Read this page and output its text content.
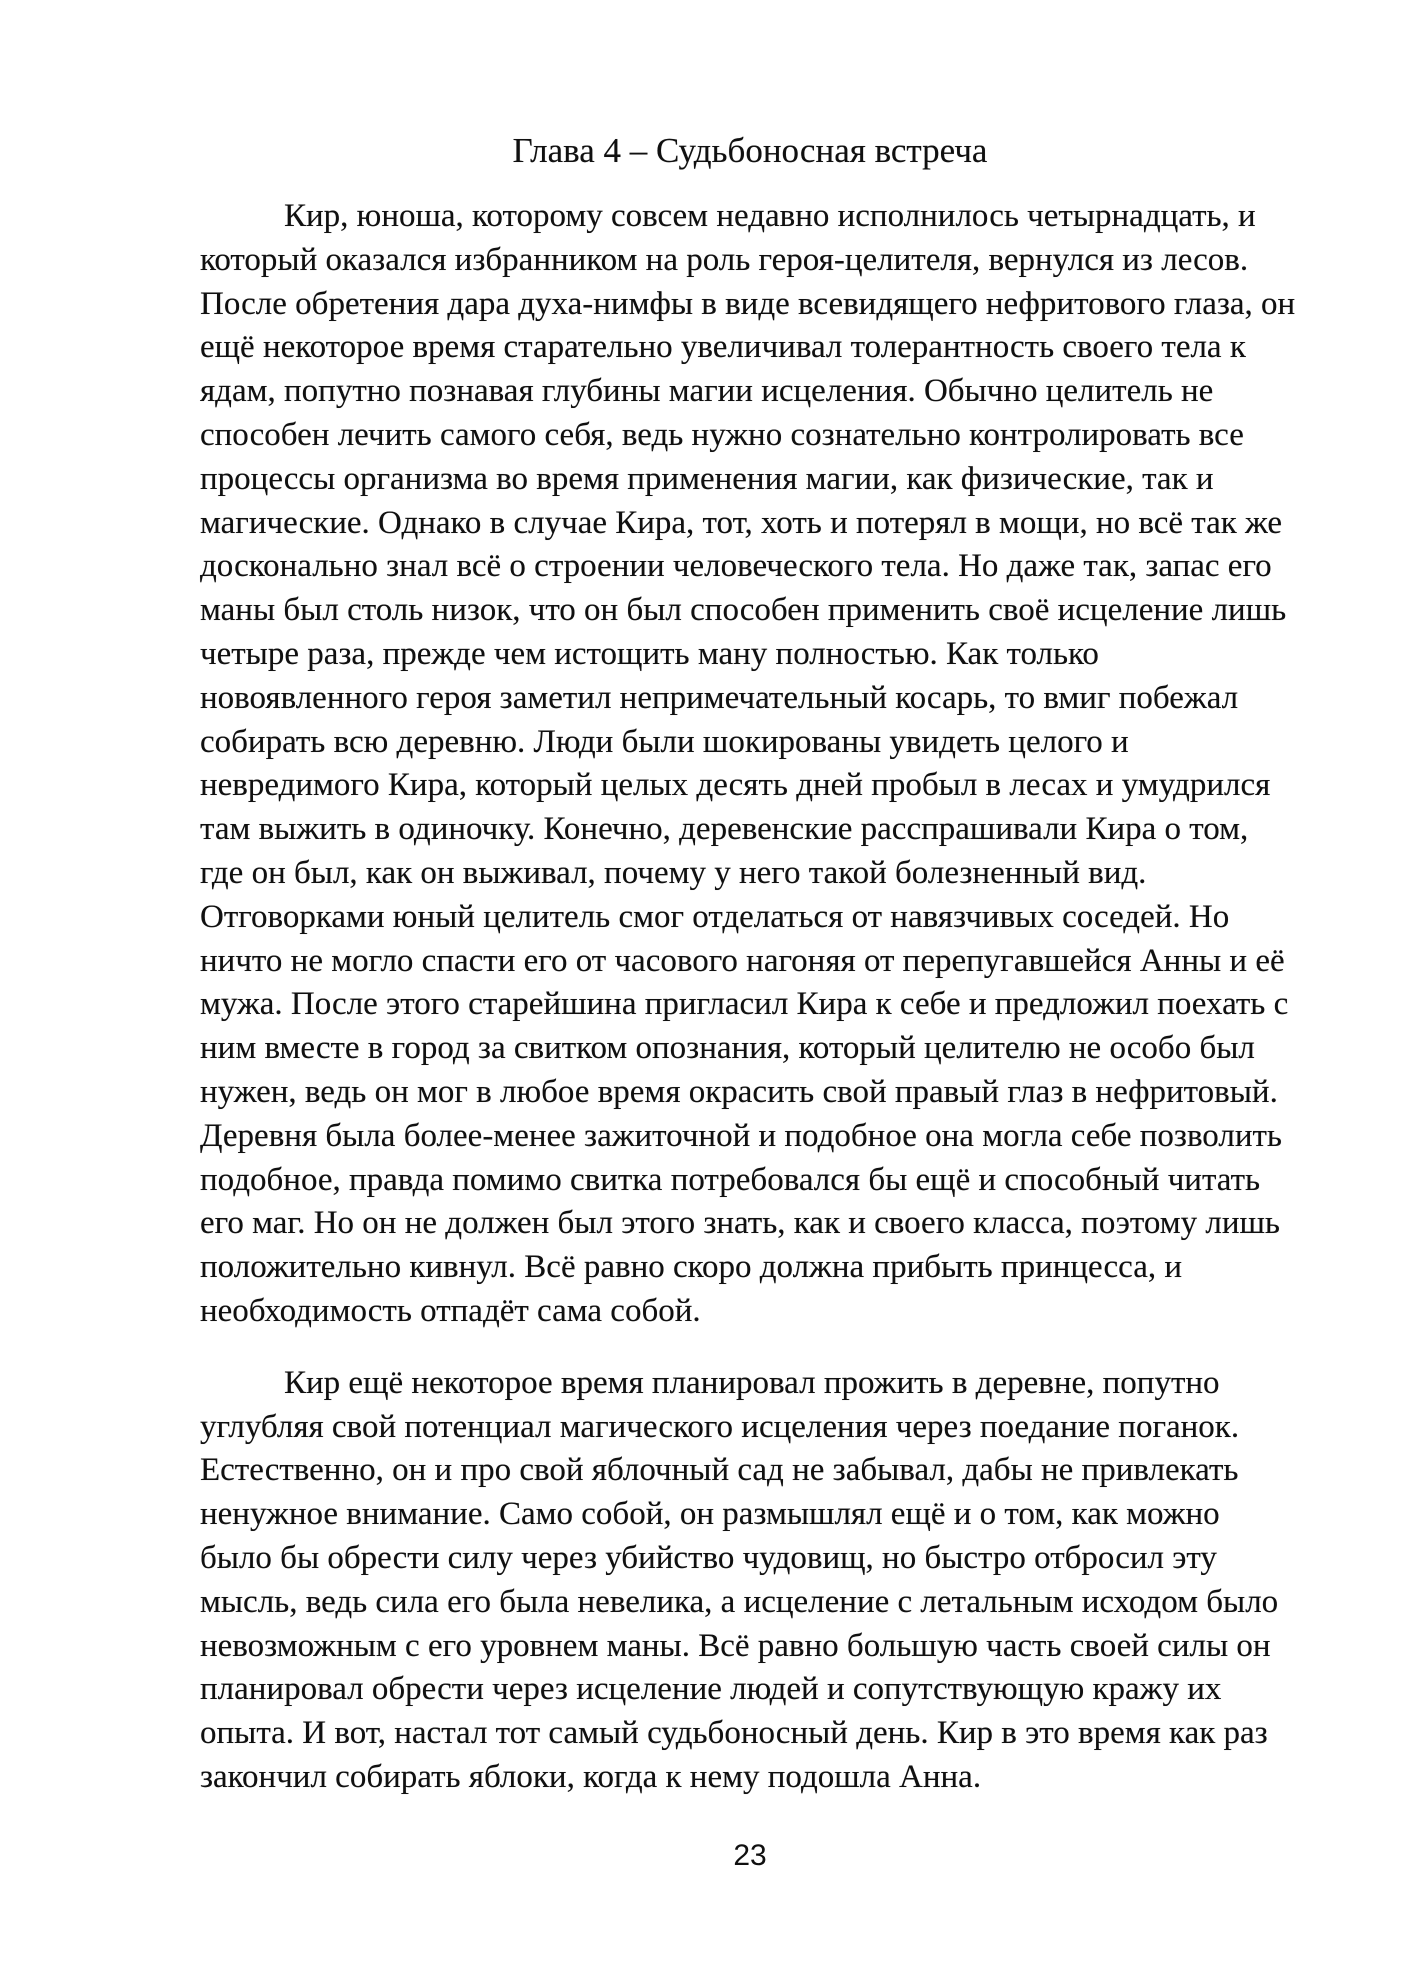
Глава 4 – Судьбоносная встреча
Кир, юноша, которому совсем недавно исполнилось четырнадцать, и
который оказался избранником на роль героя-целителя, вернулся из лесов.
После обретения дара духа-нимфы в виде всевидящего нефритового глаза, он
ещё некоторое время старательно увеличивал толерантность своего тела к
ядам, попутно познавая глубины магии исцеления. Обычно целитель не
способен лечить самого себя, ведь нужно сознательно контролировать все
процессы организма во время применения магии, как физические, так и
магические. Однако в случае Кира, тот, хоть и потерял в мощи, но всё так же
досконально знал всё о строении человеческого тела. Но даже так, запас его
маны был столь низок, что он был способен применить своё исцеление лишь
четыре раза, прежде чем истощить ману полностью. Как только
новоявленного героя заметил непримечательный косарь, то вмиг побежал
собирать всю деревню. Люди были шокированы увидеть целого и
невредимого Кира, который целых десять дней пробыл в лесах и умудрился
там выжить в одиночку. Конечно, деревенские расспрашивали Кира о том,
где он был, как он выживал, почему у него такой болезненный вид.
Отговорками юный целитель смог отделаться от навязчивых соседей. Но
ничто не могло спасти его от часового нагоняя от перепугавшейся Анны и её
мужа. После этого старейшина пригласил Кира к себе и предложил поехать с
ним вместе в город за свитком опознания, который целителю не особо был
нужен, ведь он мог в любое время окрасить свой правый глаз в нефритовый.
Деревня была более-менее зажиточной и подобное она могла себе позволить
подобное, правда помимо свитка потребовался бы ещё и способный читать
его маг. Но он не должен был этого знать, как и своего класса, поэтому лишь
положительно кивнул. Всё равно скоро должна прибыть принцесса, и
необходимость отпадёт сама собой.
Кир ещё некоторое время планировал прожить в деревне, попутно
углубляя свой потенциал магического исцеления через поедание поганок.
Естественно, он и про свой яблочный сад не забывал, дабы не привлекать
ненужное внимание. Само собой, он размышлял ещё и о том, как можно
было бы обрести силу через убийство чудовищ, но быстро отбросил эту
мысль, ведь сила его была невелика, а исцеление с летальным исходом было
невозможным с его уровнем маны. Всё равно большую часть своей силы он
планировал обрести через исцеление людей и сопутствующую кражу их
опыта. И вот, настал тот самый судьбоносный день. Кир в это время как раз
закончил собирать яблоки, когда к нему подошла Анна.
23
